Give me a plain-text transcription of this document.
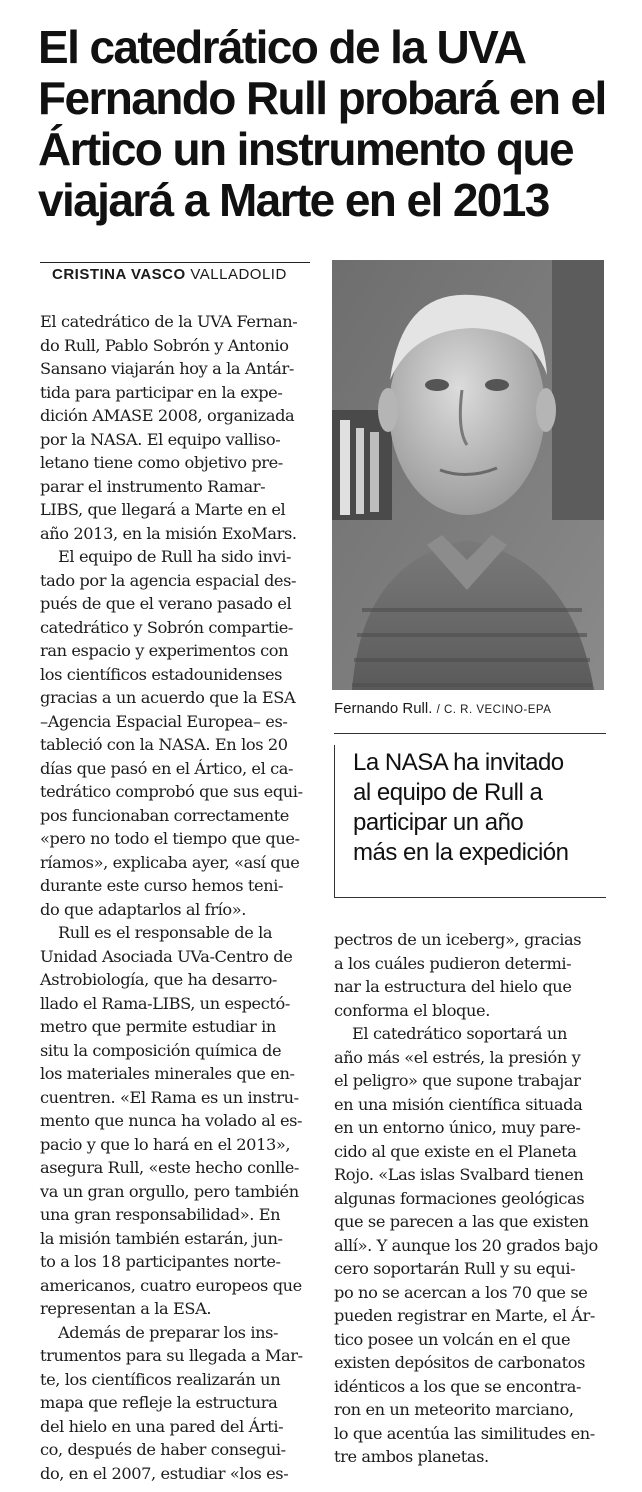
El catedrático de la UVA
Fernando Rull probará en el
Ártico un instrumento que
viajará a Marte en el 2013
CRISTINA VASCO VALLADOLID
El catedrático de la UVA Fernan-
do Rull, Pablo Sobrón y Antonio
Sansano viajarán hoy a la Antár-
tida para participar en la expe-
dición AMASE 2008, organizada
por la NASA. El equipo valliso-
letano tiene como objetivo pre-
parar el instrumento Ramar-
LIBS, que llegará a Marte en el
año 2013, en la misión ExoMars.
El equipo de Rull ha sido invi-
tado por la agencia espacial des-
pués de que el verano pasado el
catedrático y Sobrón compartie-
ran espacio y experimentos con
los científicos estadounidenses
gracias a un acuerdo que la ESA
–Agencia Espacial Europea– es-
tableció con la NASA. En los 20
días que pasó en el Ártico, el ca-
tedrático comprobó que sus equi-
pos funcionaban correctamente
«pero no todo el tiempo que que-
ríamos», explicaba ayer, «así que
durante este curso hemos teni-
do que adaptarlos al frío».
Rull es el responsable de la
Unidad Asociada UVa-Centro de
Astrobiología, que ha desarro-
llado el Rama-LIBS, un espectó-
metro que permite estudiar in
situ la composición química de
los materiales minerales que en-
cuentren. «El Rama es un instru-
mento que nunca ha volado al es-
pacio y que lo hará en el 2013»,
asegura Rull, «este hecho conlle-
va un gran orgullo, pero también
una gran responsabilidad». En
la misión también estarán, jun-
to a los 18 participantes norte-
americanos, cuatro europeos que
representan a la ESA.
Además de preparar los ins-
trumentos para su llegada a Mar-
te, los científicos realizarán un
mapa que refleje la estructura
del hielo en una pared del Árti-
co, después de haber consegui-
do, en el 2007, estudiar «los es-
Fernando Rull. / C. R. VECINO-EPA
La NASA ha invitado
al equipo de Rull a
participar un año
más en la expedición
pectros de un iceberg», gracias
a los cuáles pudieron determi-
nar la estructura del hielo que
conforma el bloque.
El catedrático soportará un
año más «el estrés, la presión y
el peligro» que supone trabajar
en una misión científica situada
en un entorno único, muy pare-
cido al que existe en el Planeta
Rojo. «Las islas Svalbard tienen
algunas formaciones geológicas
que se parecen a las que existen
allí». Y aunque los 20 grados bajo
cero soportarán Rull y su equi-
po no se acercan a los 70 que se
pueden registrar en Marte, el Ár-
tico posee un volcán en el que
existen depósitos de carbonatos
idénticos a los que se encontra-
ron en un meteorito marciano,
lo que acentúa las similitudes en-
tre ambos planetas.
